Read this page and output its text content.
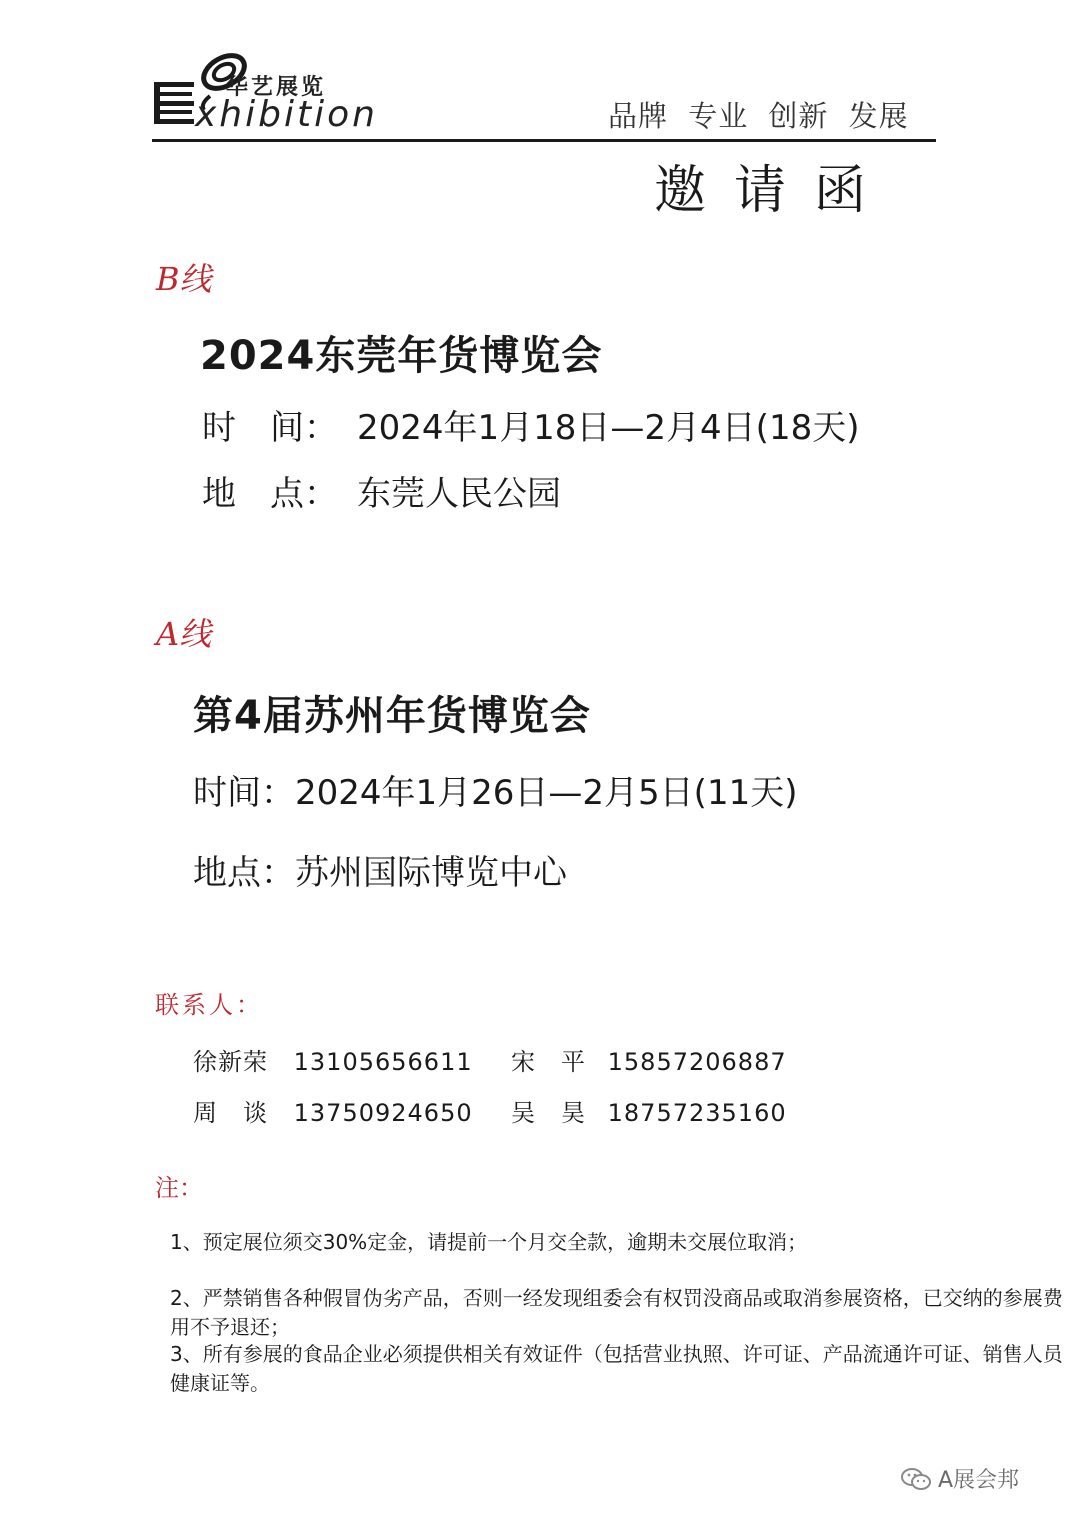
华艺展览
xhibition	品牌 专业 创新 发展
邀请函
B线
2024东莞年货博览会
时　间： 2024年1月18日—2月4日(18天)
地　点： 东莞人民公园
A线
第4届苏州年货博览会
时间： 2024年1月26日—2月5日(11天)
地点： 苏州国际博览中心
联系人：
徐新荣 13105656611
周　谈 13750924650
宋　平 15857206887
吴　昊 18757235160
注：
1、预定展位须交30%定金，请提前一个月交全款，逾期未交展位取消；
2、严禁销售各种假冒伪劣产品，否则一经发现组委会有权罚没商品或取消参展资格，已交纳的参展费用不予退还；
3、所有参展的食品企业必须提供相关有效证件（包括营业执照、许可证、产品流通许可证、销售人员健康证等。
A展会邦
